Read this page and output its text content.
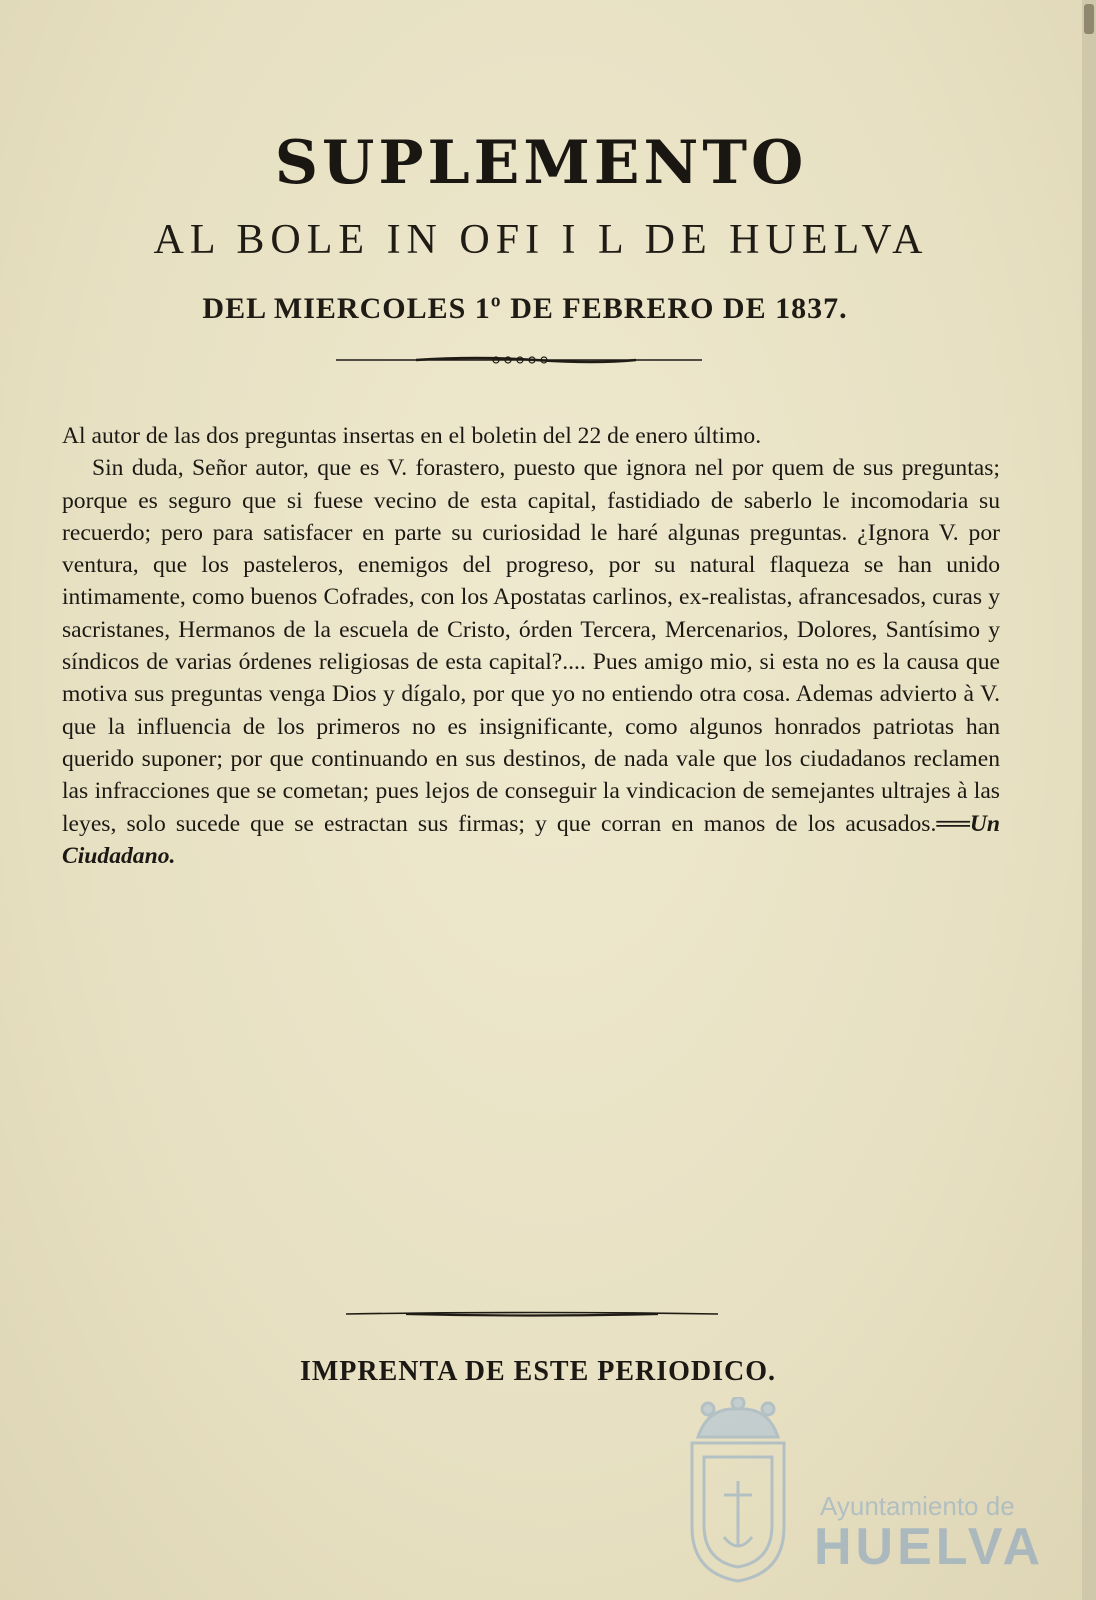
SUPLEMENTO
AL BOLE IN OFI I L DE HUELVA
DEL MIERCOLES 1º DE FEBRERO DE 1837.

Al autor de las dos preguntas insertas en el boletin del 22 de enero último.

Sin duda, Señor autor, que es V. forastero, puesto que ignora nel por quem de sus preguntas; porque es seguro que si fuese vecino de esta capital, fastidiado de saberlo le incomodaria su recuerdo; pero para satisfacer en parte su curiosidad le haré algunas preguntas. ¿Ignora V. por ventura, que los pasteleros, enemigos del progreso, por su natural flaqueza se han unido intimamente, como buenos Cofrades, con los Apostatas carlinos, ex-realistas, afrancesados, curas y sacristanes, Hermanos de la escuela de Cristo, órden Tercera, Mercenarios, Dolores, Santísimo y síndicos de varias órdenes religiosas de esta capital?.... Pues amigo mio, si esta no es la causa que motiva sus preguntas venga Dios y dígalo, por que yo no entiendo otra cosa. Ademas advierto à V. que la influencia de los primeros no es insignificante, como algunos honrados patriotas han querido suponer; por que continuando en sus destinos, de nada vale que los ciudadanos reclamen las infracciones que se cometan; pues lejos de conseguir la vindicacion de semejantes ultrajes à las leyes, solo sucede que se estractan sus firmas; y que corran en manos de los acusados.══Un Ciudadano.

IMPRENTA DE ESTE PERIODICO.
Ayuntamiento de
HUELVA
